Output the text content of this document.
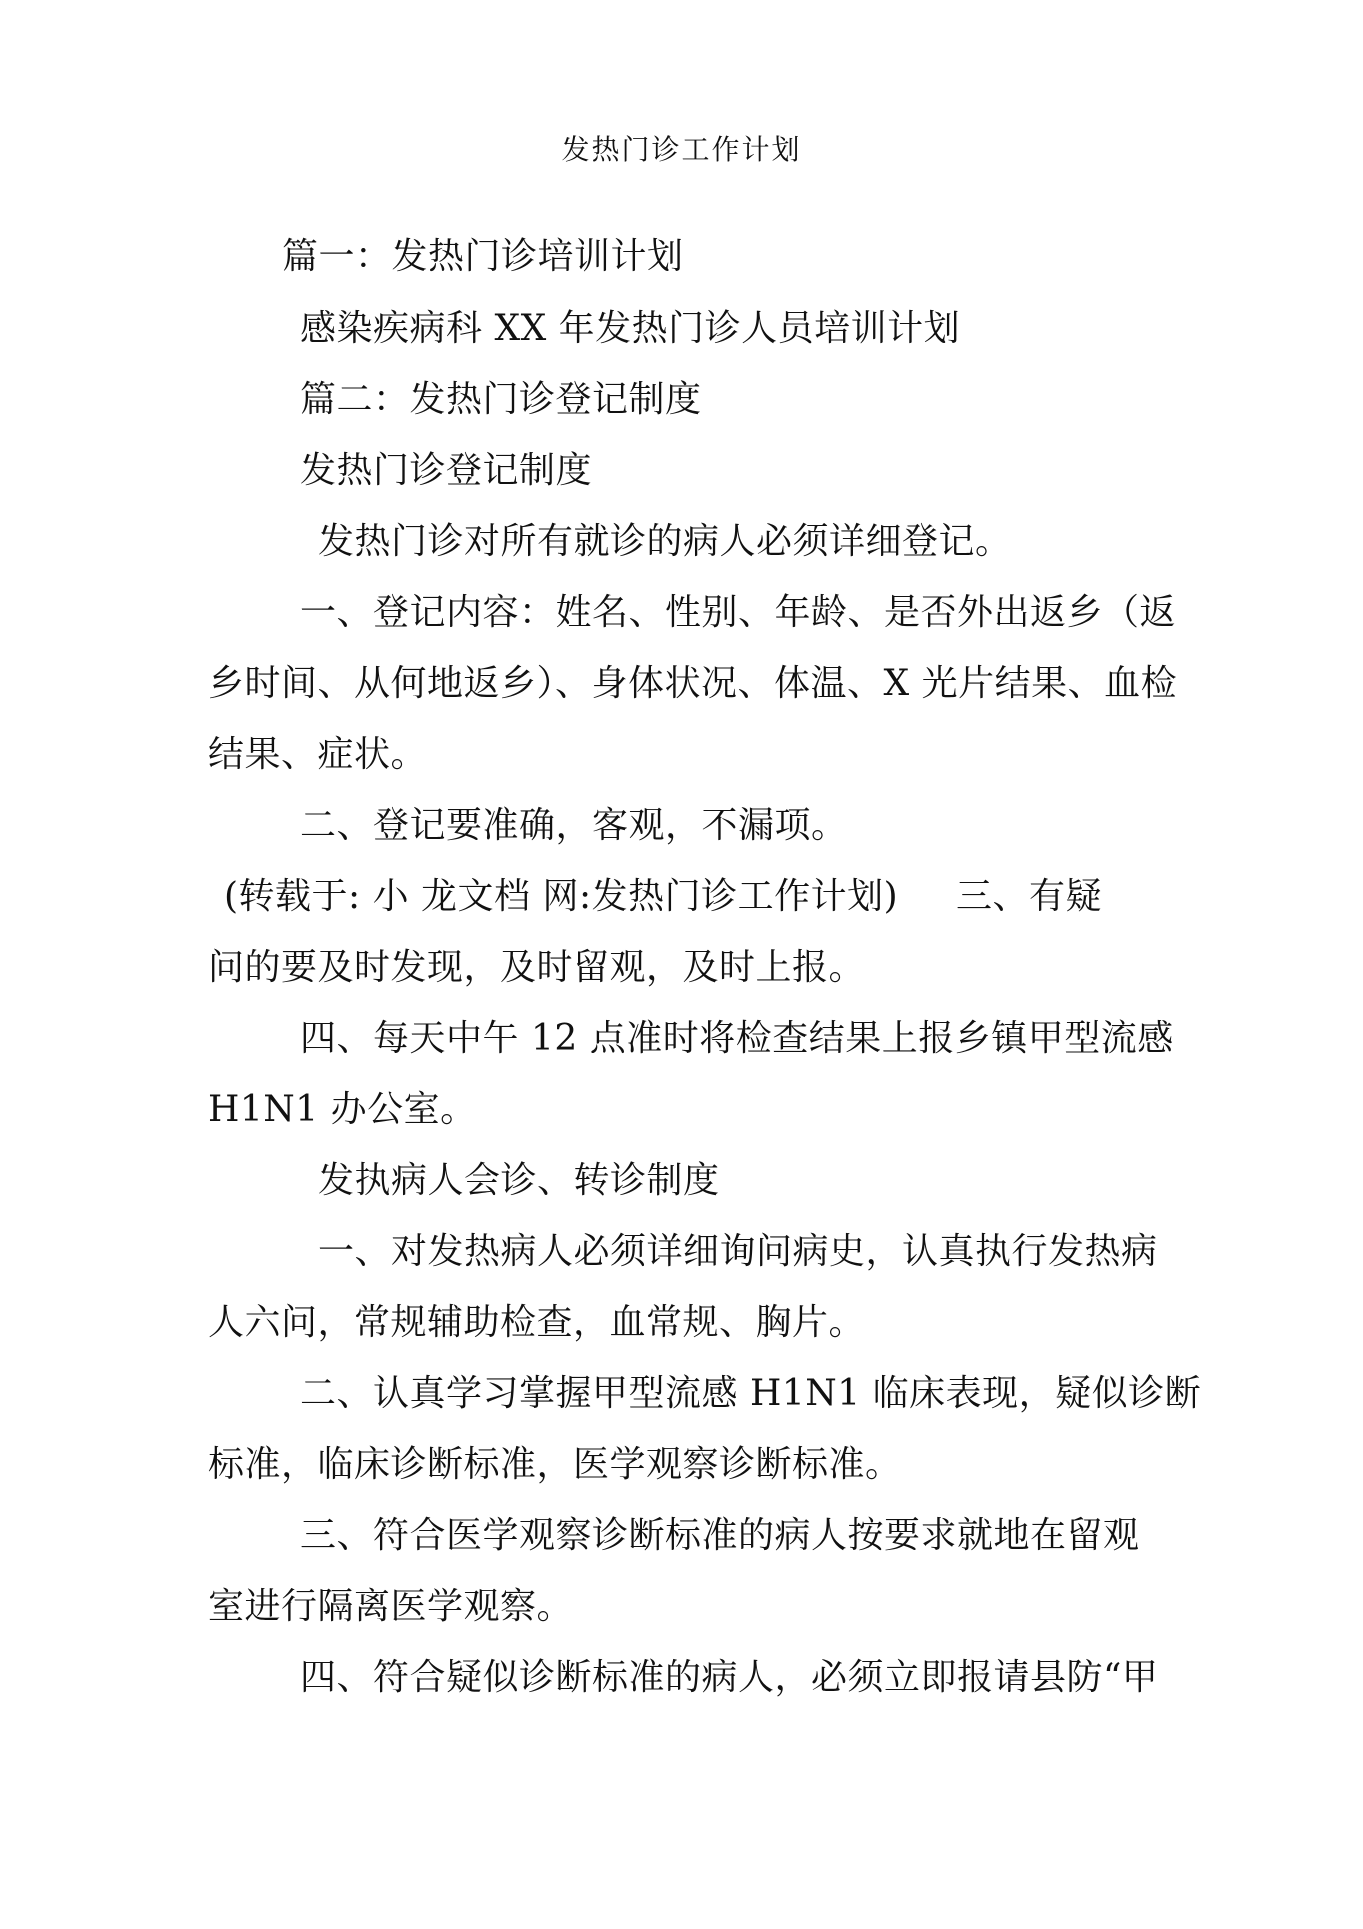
发热门诊工作计划

篇一：发热门诊培训计划

感染疾病科 XX 年发热门诊人员培训计划

篇二：发热门诊登记制度

发热门诊登记制度

发热门诊对所有就诊的病人必须详细登记。

一、登记内容：姓名、性别、年龄、是否外出返乡（返

乡时间、从何地返乡）、身体状况、体温、X 光片结果、血检

结果、症状。

二、登记要准确，客观，不漏项。

(转载于: 小 龙文档 网:发热门诊工作计划) 三、有疑

问的要及时发现，及时留观，及时上报。

四、每天中午 12 点准时将检查结果上报乡镇甲型流感

H1N1 办公室。

发执病人会诊、转诊制度

一、对发热病人必须详细询问病史，认真执行发热病

人六问，常规辅助检查，血常规、胸片。

二、认真学习掌握甲型流感 H1N1 临床表现，疑似诊断

标准，临床诊断标准，医学观察诊断标准。

三、符合医学观察诊断标准的病人按要求就地在留观

室进行隔离医学观察。

四、符合疑似诊断标准的病人，必须立即报请县防“甲
